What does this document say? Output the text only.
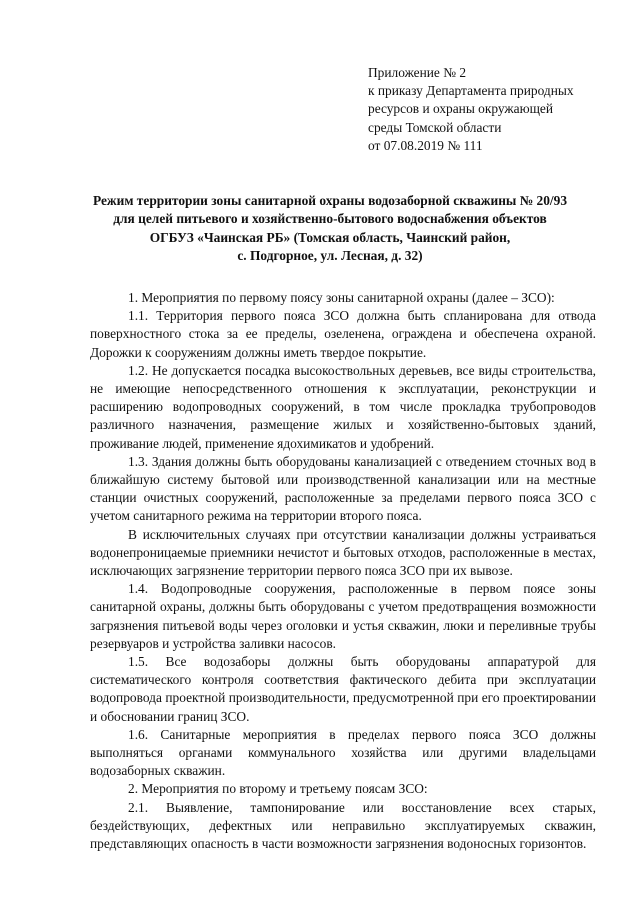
Приложение № 2
к приказу Департамента природных
ресурсов и охраны окружающей
среды Томской области
от 07.08.2019 № 111
Режим территории зоны санитарной охраны водозаборной скважины № 20/93
для целей питьевого и хозяйственно-бытового водоснабжения объектов
ОГБУЗ «Чаинская РБ» (Томская область, Чаинский район,
с. Подгорное, ул. Лесная, д. 32)

1. Мероприятия по первому поясу зоны санитарной охраны (далее – ЗСО):

1.1. Территория первого пояса ЗСО должна быть спланирована для отвода поверхностного стока за ее пределы, озеленена, ограждена и обеспечена охраной. Дорожки к сооружениям должны иметь твердое покрытие.

1.2. Не допускается посадка высокоствольных деревьев, все виды строительства, не имеющие непосредственного отношения к эксплуатации, реконструкции и расширению водопроводных сооружений, в том числе прокладка трубопроводов различного назначения, размещение жилых и хозяйственно-бытовых зданий, проживание людей, применение ядохимикатов и удобрений.

1.3. Здания должны быть оборудованы канализацией с отведением сточных вод в ближайшую систему бытовой или производственной канализации или на местные станции очистных сооружений, расположенные за пределами первого пояса ЗСО с учетом санитарного режима на территории второго пояса.

В исключительных случаях при отсутствии канализации должны устраиваться водонепроницаемые приемники нечистот и бытовых отходов, расположенные в местах, исключающих загрязнение территории первого пояса ЗСО при их вывозе.

1.4. Водопроводные сооружения, расположенные в первом поясе зоны санитарной охраны, должны быть оборудованы с учетом предотвращения возможности загрязнения питьевой воды через оголовки и устья скважин, люки и переливные трубы резервуаров и устройства заливки насосов.

1.5. Все водозаборы должны быть оборудованы аппаратурой для систематического контроля соответствия фактического дебита при эксплуатации водопровода проектной производительности, предусмотренной при его проектировании и обосновании границ ЗСО.

1.6. Санитарные мероприятия в пределах первого пояса ЗСО должны выполняться органами коммунального хозяйства или другими владельцами водозаборных скважин.

2. Мероприятия по второму и третьему поясам ЗСО:

2.1. Выявление, тампонирование или восстановление всех старых, бездействующих, дефектных или неправильно эксплуатируемых скважин, представляющих опасность в части возможности загрязнения водоносных горизонтов.
